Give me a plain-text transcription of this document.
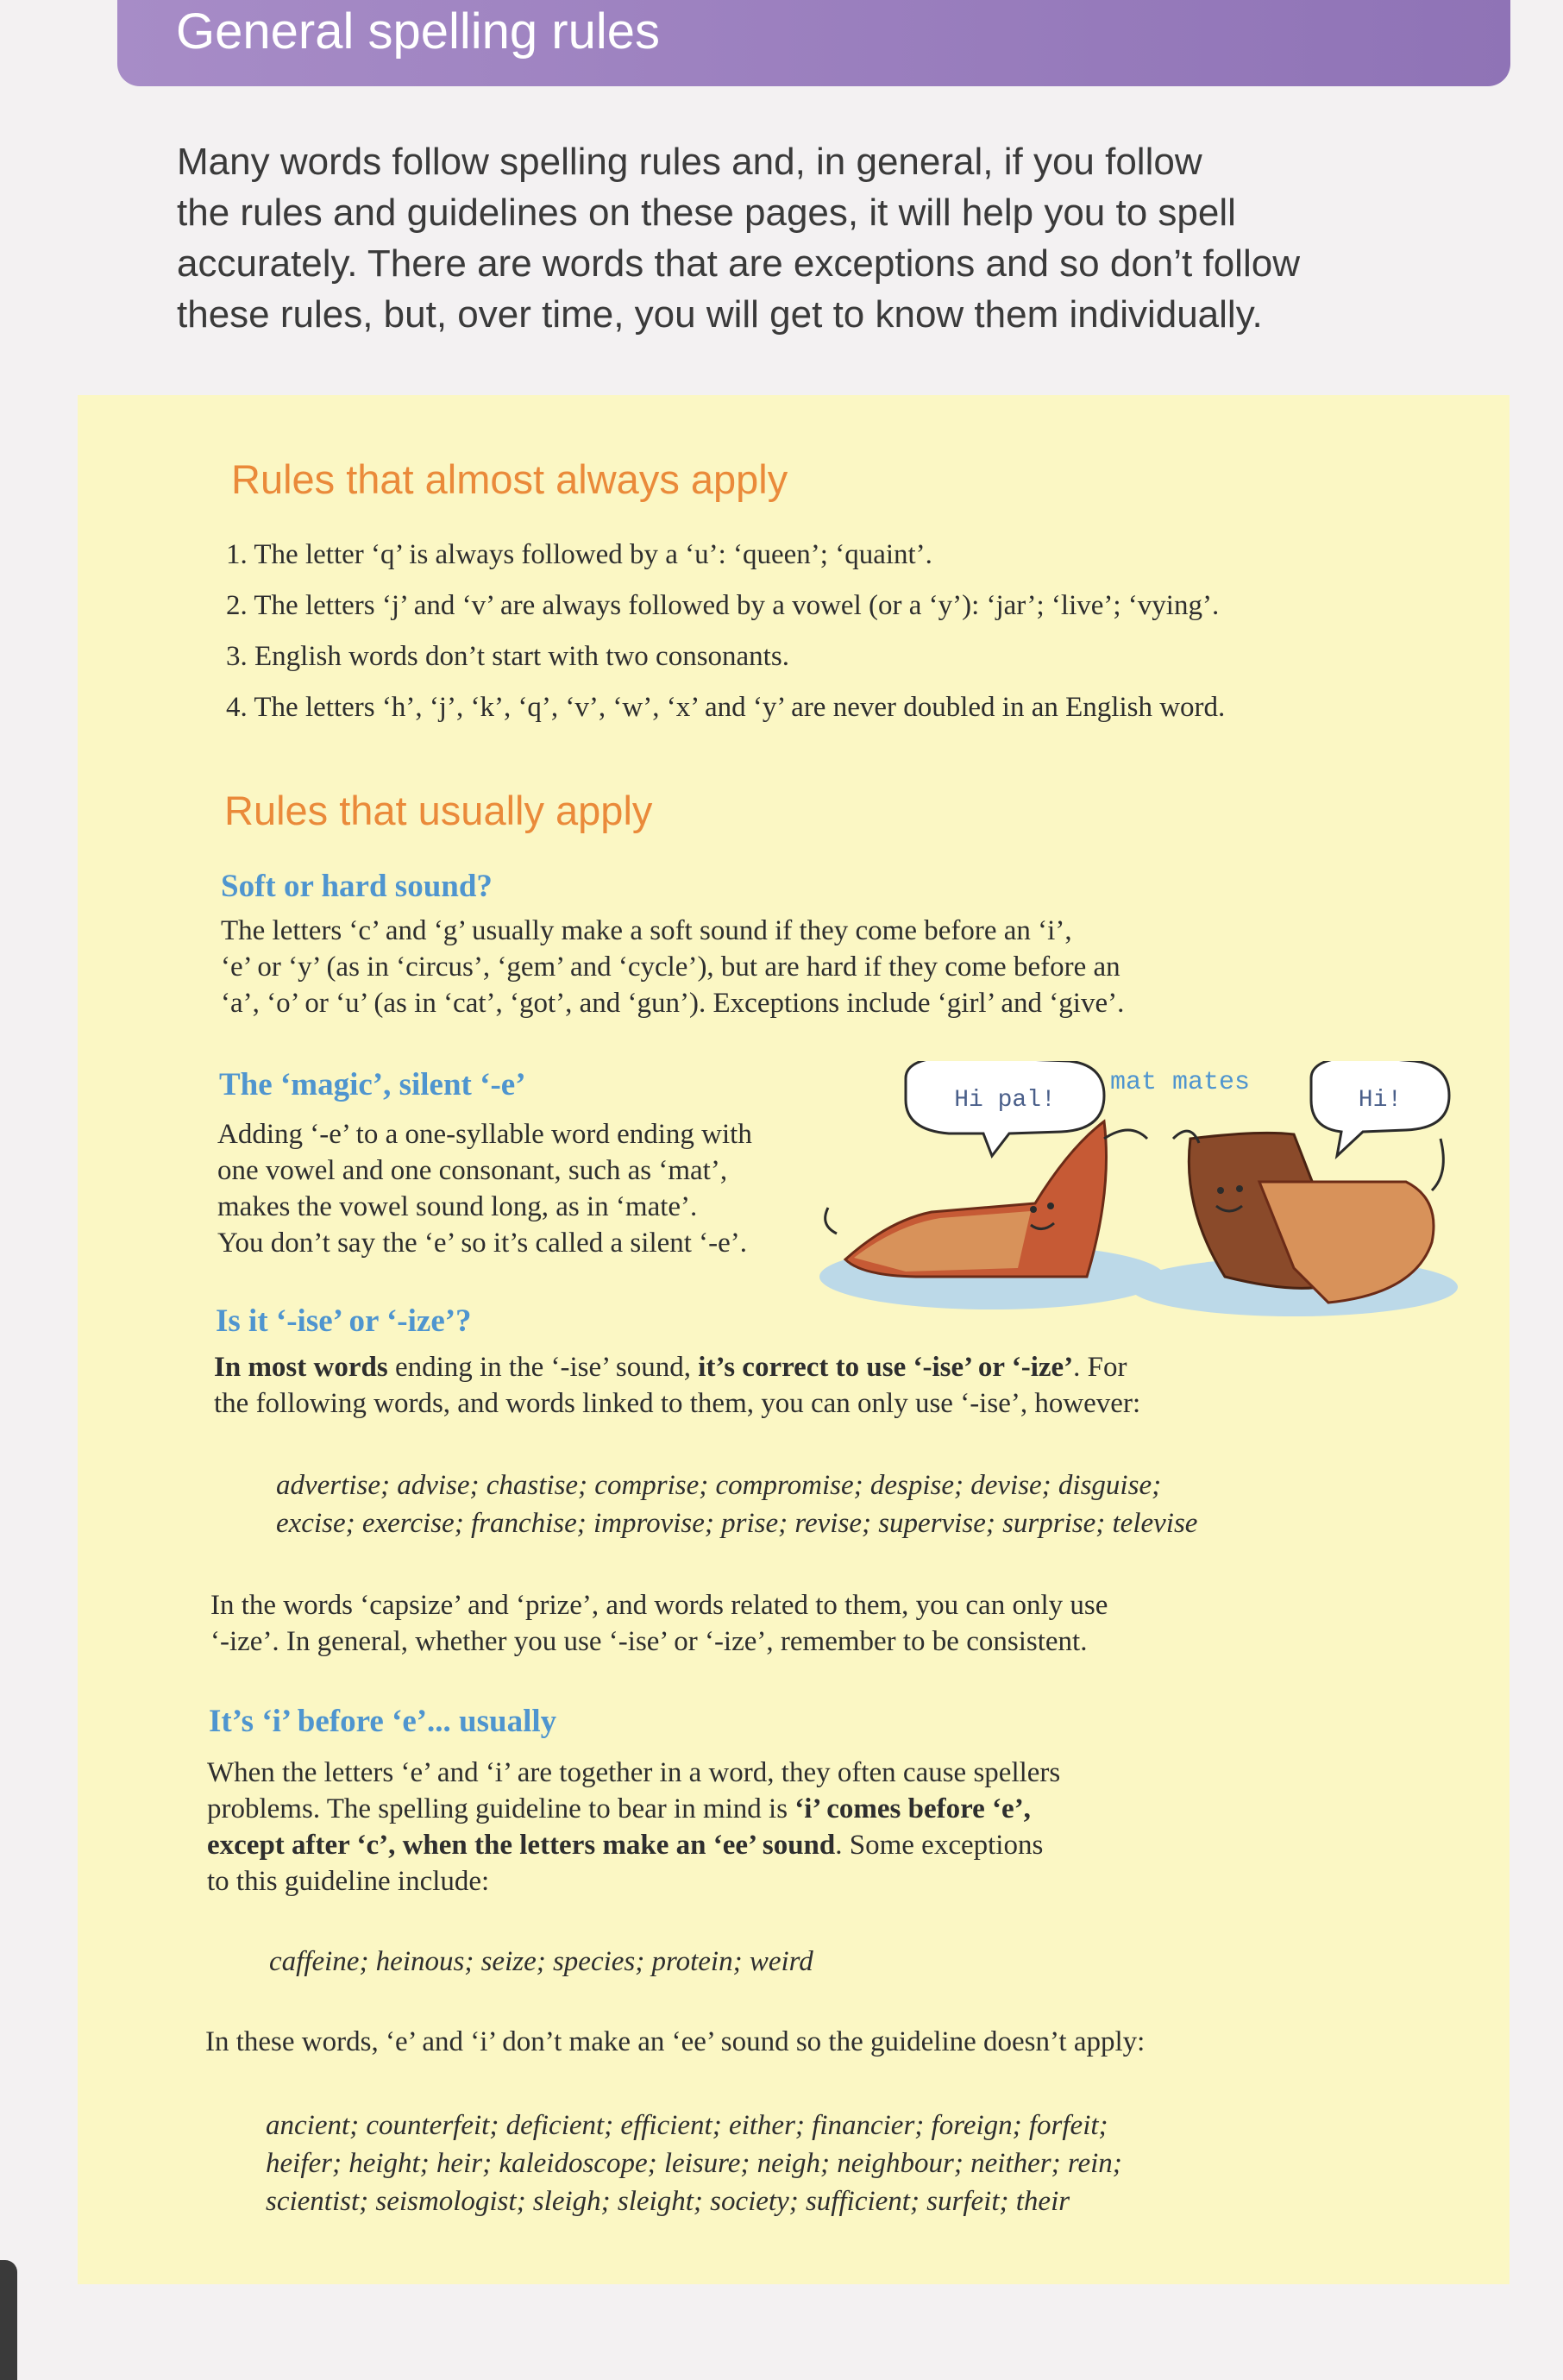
General spelling rules

Many words follow spelling rules and, in general, if you follow
the rules and guidelines on these pages, it will help you to spell
accurately. There are words that are exceptions and so don’t follow
these rules, but, over time, you will get to know them individually.

Rules that almost always apply
1. The letter ‘q’ is always followed by a ‘u’: ‘queen’; ‘quaint’.
2. The letters ‘j’ and ‘v’ are always followed by a vowel (or a ‘y’): ‘jar’; ‘live’; ‘vying’.
3. English words don’t start with two consonants.
4. The letters ‘h’, ‘j’, ‘k’, ‘q’, ‘v’, ‘w’, ‘x’ and ‘y’ are never doubled in an English word.
Rules that usually apply
Soft or hard sound?

The letters ‘c’ and ‘g’ usually make a soft sound if they come before an ‘i’,
‘e’ or ‘y’ (as in ‘circus’, ‘gem’ and ‘cycle’), but are hard if they come before an
‘a’, ‘o’ or ‘u’ (as in ‘cat’, ‘got’, and ‘gun’). Exceptions include ‘girl’ and ‘give’.

The ‘magic’, silent ‘-e’

Adding ‘-e’ to a one-syllable word ending with
one vowel and one consonant, such as ‘mat’,
makes the vowel sound long, as in ‘mate’.
You don’t say the ‘e’ so it’s called a silent ‘-e’.

Hi pal!	Hi!
mat mates
Is it ‘-ise’ or ‘-ize’?

In most words ending in the ‘-ise’ sound, it’s correct to use ‘-ise’ or ‘-ize’. For
the following words, and words linked to them, you can only use ‘-ise’, however:

advertise; advise; chastise; comprise; compromise; despise; devise; disguise;
excise; exercise; franchise; improvise; prise; revise; supervise; surprise; televise

In the words ‘capsize’ and ‘prize’, and words related to them, you can only use
‘-ize’. In general, whether you use ‘-ise’ or ‘-ize’, remember to be consistent.

It’s ‘i’ before ‘e’... usually

When the letters ‘e’ and ‘i’ are together in a word, they often cause spellers
problems. The spelling guideline to bear in mind is ‘i’ comes before ‘e’,
except after ‘c’, when the letters make an ‘ee’ sound. Some exceptions
to this guideline include:

caffeine; heinous; seize; species; protein; weird

In these words, ‘e’ and ‘i’ don’t make an ‘ee’ sound so the guideline doesn’t apply:

ancient; counterfeit; deficient; efficient; either; financier; foreign; forfeit;
heifer; height; heir; kaleidoscope; leisure; neigh; neighbour; neither; rein;
scientist; seismologist; sleigh; sleight; society; sufficient; surfeit; their
